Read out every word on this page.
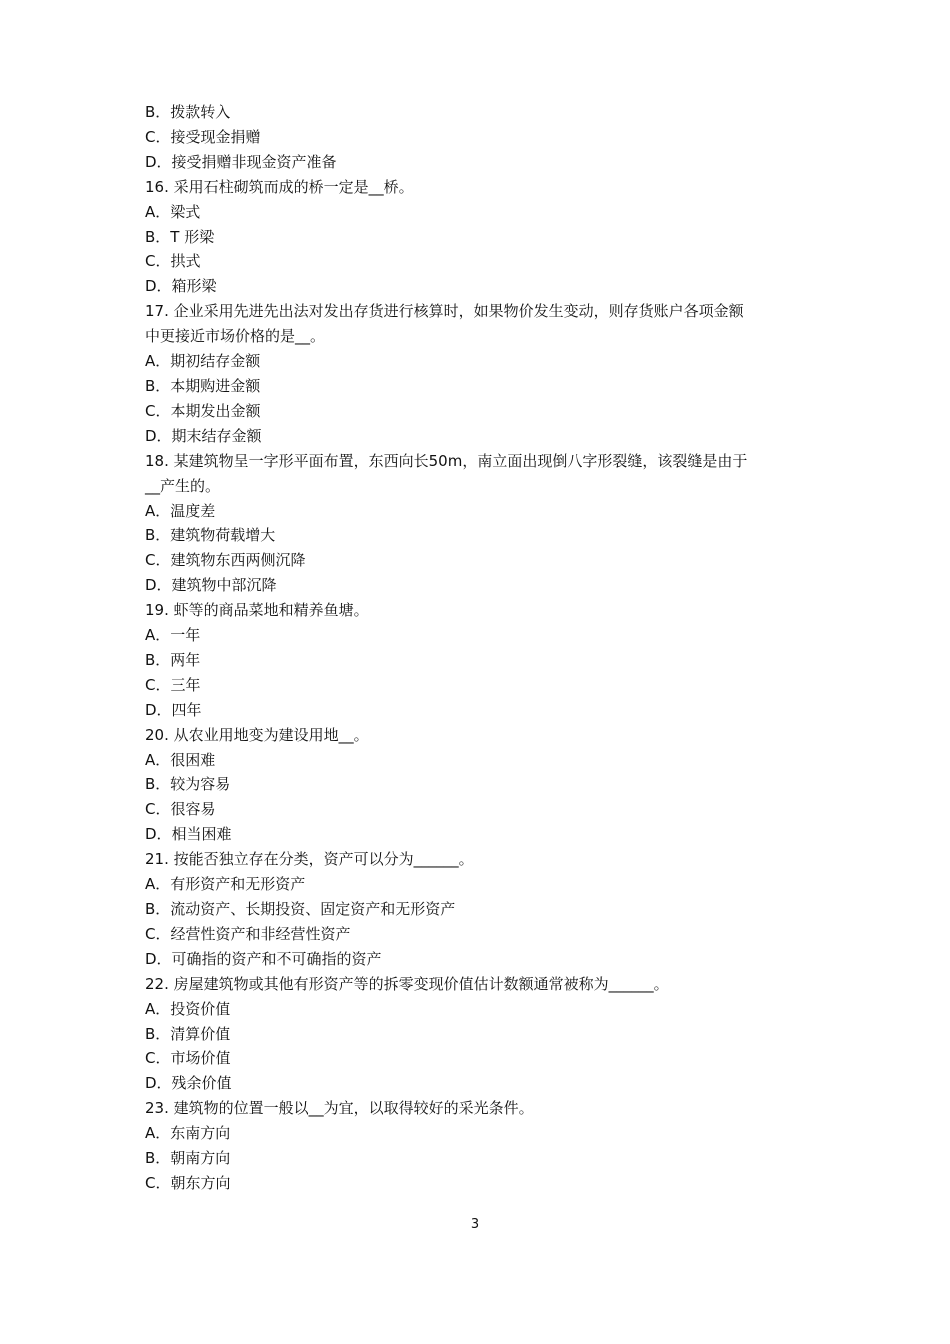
B．拨款转入
C．接受现金捐赠
D．接受捐赠非现金资产准备
16. 采用石柱砌筑而成的桥一定是__桥。
A．梁式
B．T 形梁
C．拱式
D．箱形梁
17. 企业采用先进先出法对发出存货进行核算时，如果物价发生变动，则存货账户各项金额
中更接近市场价格的是__。
A．期初结存金额
B．本期购进金额
C．本期发出金额
D．期末结存金额
18. 某建筑物呈一字形平面布置，东西向长50m，南立面出现倒八字形裂缝，该裂缝是由于
__产生的。
A．温度差
B．建筑物荷载增大
C．建筑物东西两侧沉降
D．建筑物中部沉降
19. 虾等的商品菜地和精养鱼塘。
A．一年
B．两年
C．三年
D．四年
20. 从农业用地变为建设用地__。
A．很困难
B．较为容易
C．很容易
D．相当困难
21. 按能否独立存在分类，资产可以分为______。
A．有形资产和无形资产
B．流动资产、长期投资、固定资产和无形资产
C．经营性资产和非经营性资产
D．可确指的资产和不可确指的资产
22. 房屋建筑物或其他有形资产等的拆零变现价值估计数额通常被称为______。
A．投资价值
B．清算价值
C．市场价值
D．残余价值
23. 建筑物的位置一般以__为宜，以取得较好的采光条件。
A．东南方向
B．朝南方向
C．朝东方向
3
